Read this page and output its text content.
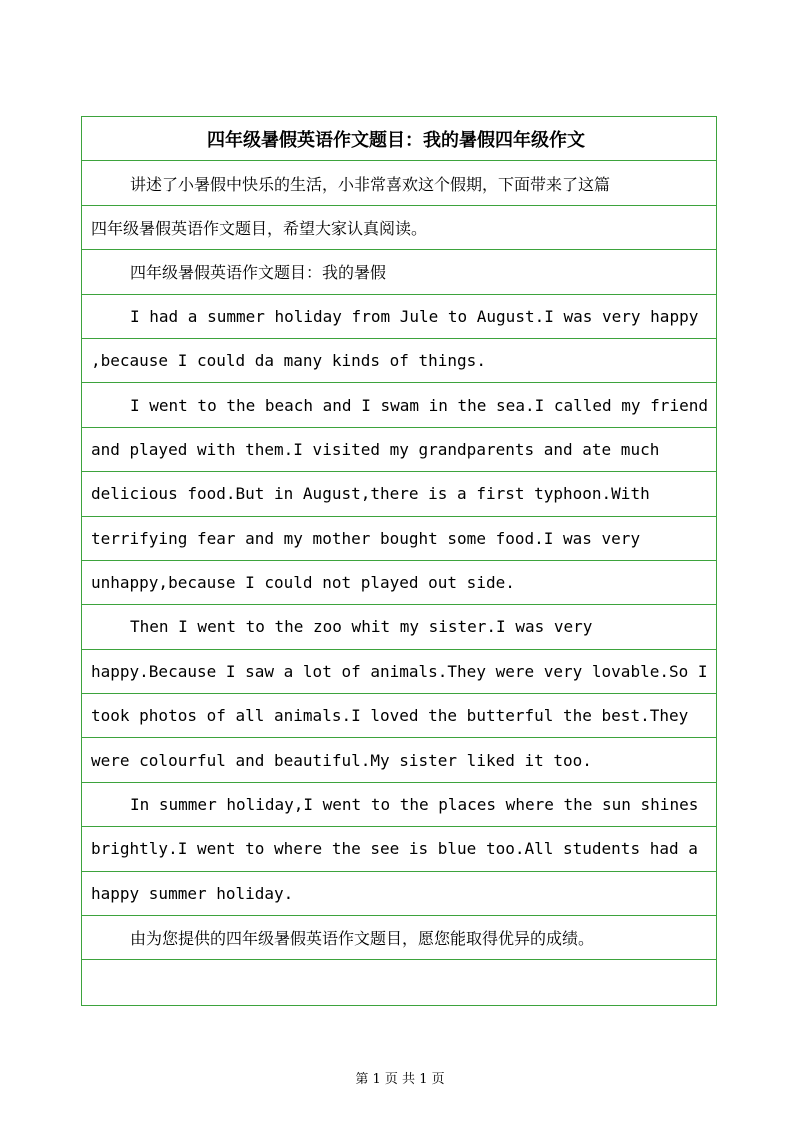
四年级暑假英语作文题目：我的暑假四年级作文
讲述了小暑假中快乐的生活，小非常喜欢这个假期，下面带来了这篇
四年级暑假英语作文题目，希望大家认真阅读。
四年级暑假英语作文题目：我的暑假
I had a summer holiday from Jule to August.I was very happy
,because I could da many kinds of things.
I went to the beach and I swam in the sea.I called my friend
and played with them.I visited my grandparents and ate much
delicious food.But in August,there is a first typhoon.With
terrifying fear and my mother bought some food.I was very
unhappy,because I could not played out side.
Then I went to the zoo whit my sister.I was very
happy.Because I saw a lot of animals.They were very lovable.So I
took photos of all animals.I loved the butterful the best.They
were colourful and beautiful.My sister liked it too.
In summer holiday,I went to the places where the sun shines
brightly.I went to where the see is blue too.All students had a
happy summer holiday.
由为您提供的四年级暑假英语作文题目，愿您能取得优异的成绩。
第 1 页 共 1 页
